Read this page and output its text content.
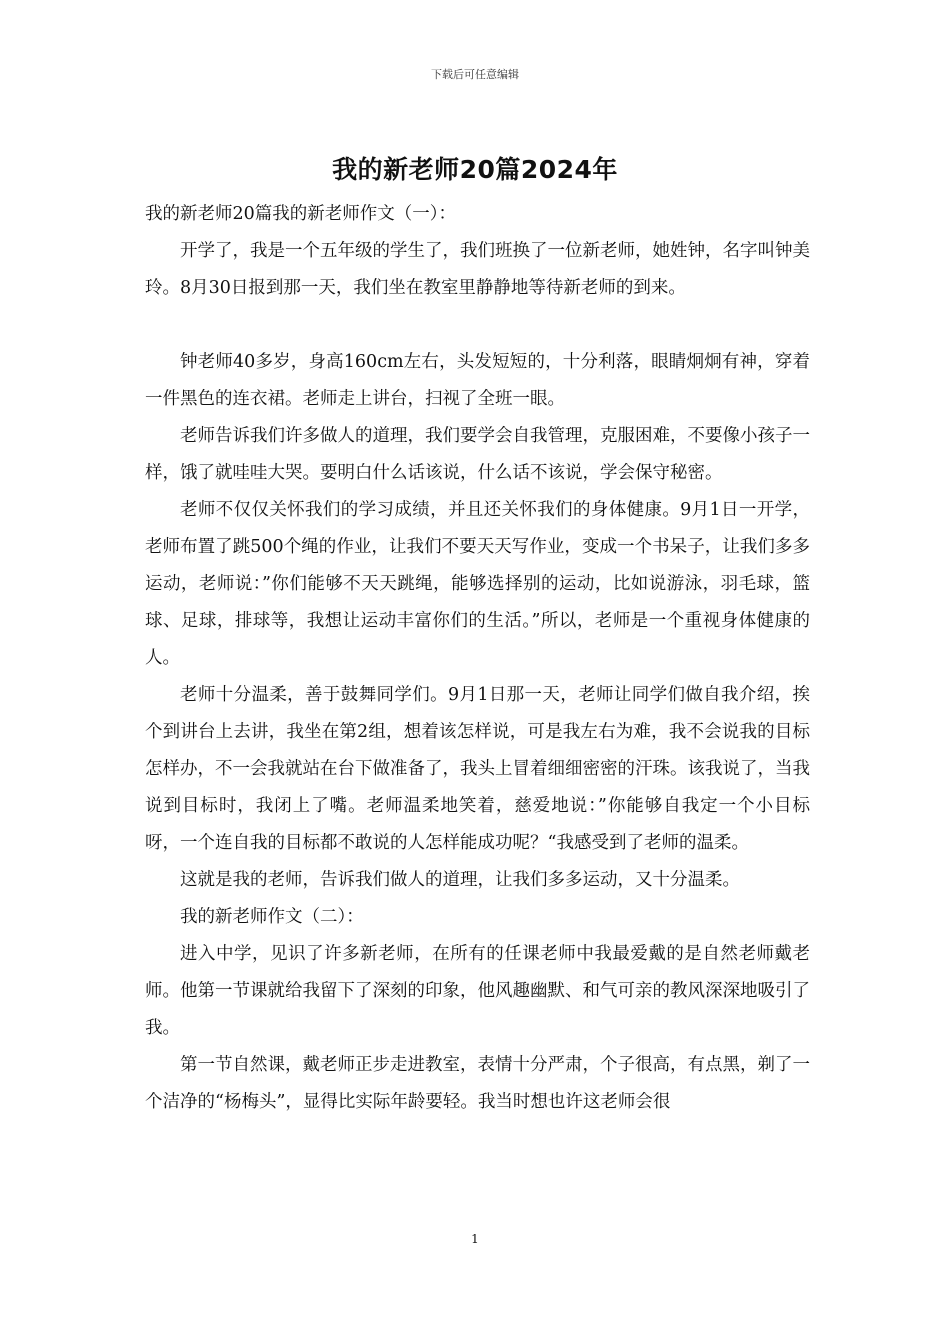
下载后可任意编辑
我的新老师20篇2024年

我的新老师20篇我的新老师作文（一）：

开学了，我是一个五年级的学生了，我们班换了一位新老师，她姓钟，名字叫钟美玲。8月30日报到那一天，我们坐在教室里静静地等待新老师的到来。

钟老师40多岁，身高160cm左右，头发短短的，十分利落，眼睛炯炯有神，穿着一件黑色的连衣裙。老师走上讲台，扫视了全班一眼。

老师告诉我们许多做人的道理，我们要学会自我管理，克服困难，不要像小孩子一样，饿了就哇哇大哭。要明白什么话该说，什么话不该说，学会保守秘密。

老师不仅仅关怀我们的学习成绩，并且还关怀我们的身体健康。9月1日一开学，老师布置了跳500个绳的作业，让我们不要天天写作业，变成一个书呆子，让我们多多运动，老师说：”你们能够不天天跳绳，能够选择别的运动，比如说游泳，羽毛球，篮球、足球，排球等，我想让运动丰富你们的生活。”所以，老师是一个重视身体健康的人。

老师十分温柔，善于鼓舞同学们。9月1日那一天，老师让同学们做自我介绍，挨个到讲台上去讲，我坐在第2组，想着该怎样说，可是我左右为难，我不会说我的目标怎样办，不一会我就站在台下做准备了，我头上冒着细细密密的汗珠。该我说了，当我说到目标时，我闭上了嘴。老师温柔地笑着，慈爱地说：”你能够自我定一个小目标呀，一个连自我的目标都不敢说的人怎样能成功呢？“我感受到了老师的温柔。

这就是我的老师，告诉我们做人的道理，让我们多多运动，又十分温柔。

我的新老师作文（二）：

进入中学，见识了许多新老师，在所有的任课老师中我最爱戴的是自然老师戴老师。他第一节课就给我留下了深刻的印象，他风趣幽默、和气可亲的教风深深地吸引了我。

第一节自然课，戴老师正步走进教室，表情十分严肃，个子很高，有点黑，剃了一个洁净的“杨梅头”，显得比实际年龄要轻。我当时想也许这老师会很

1
